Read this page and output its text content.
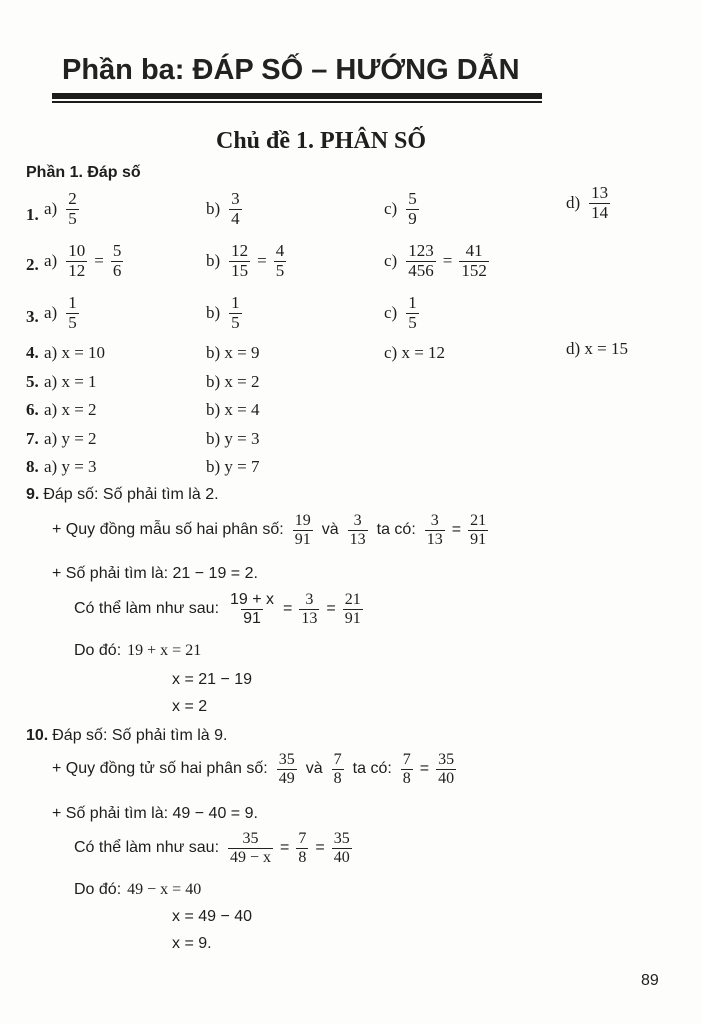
Phần ba: ĐÁP SỐ – HƯỚNG DẪN
Chủ đề 1. PHÂN SỐ
Phần 1. Đáp số
1. $a) \frac{2}{5}$	$b) \frac{3}{4}$	$c) \frac{5}{9}$	$d) \frac{13}{14}$
2. $a) \frac{10}{12} = \frac{5}{6}$	$b) \frac{12}{15} = \frac{4}{5}$	$c) \frac{123}{456} = \frac{41}{152}$
3. $a) \frac{1}{5}$	$b) \frac{1}{5}$	$c) \frac{1}{5}$
4. a) x = 10	b) x = 9	c) x = 12	d) x = 15
5. a) x = 1	b) x = 2
6. a) x = 2	b) x = 4
7. a) y = 2	b) y = 3
8. a) y = 3	b) y = 7
9. Đáp số: Số phải tìm là 2.
+ Quy đồng mẫu số hai phân số: $\frac{19}{91}$ và $\frac{3}{13}$ ta có: $\frac{3}{13} = \frac{21}{91}$
+ Số phải tìm là: 21 − 19 = 2.
Có thể làm như sau: $\frac{19 + x}{91} = \frac{3}{13} = \frac{21}{91}$
Do đó: 19 + x = 21
x = 21 − 19
x = 2
10. Đáp số: Số phải tìm là 9.
+ Quy đồng tử số hai phân số: $\frac{35}{49}$ và $\frac{7}{8}$ ta có: $\frac{7}{8} = \frac{35}{40}$
+ Số phải tìm là: 49 − 40 = 9.
Có thể làm như sau: $\frac{35}{49 - x} = \frac{7}{8} = \frac{35}{40}$
Do đó: 49 − x = 40
x = 49 − 40
x = 9.
89
